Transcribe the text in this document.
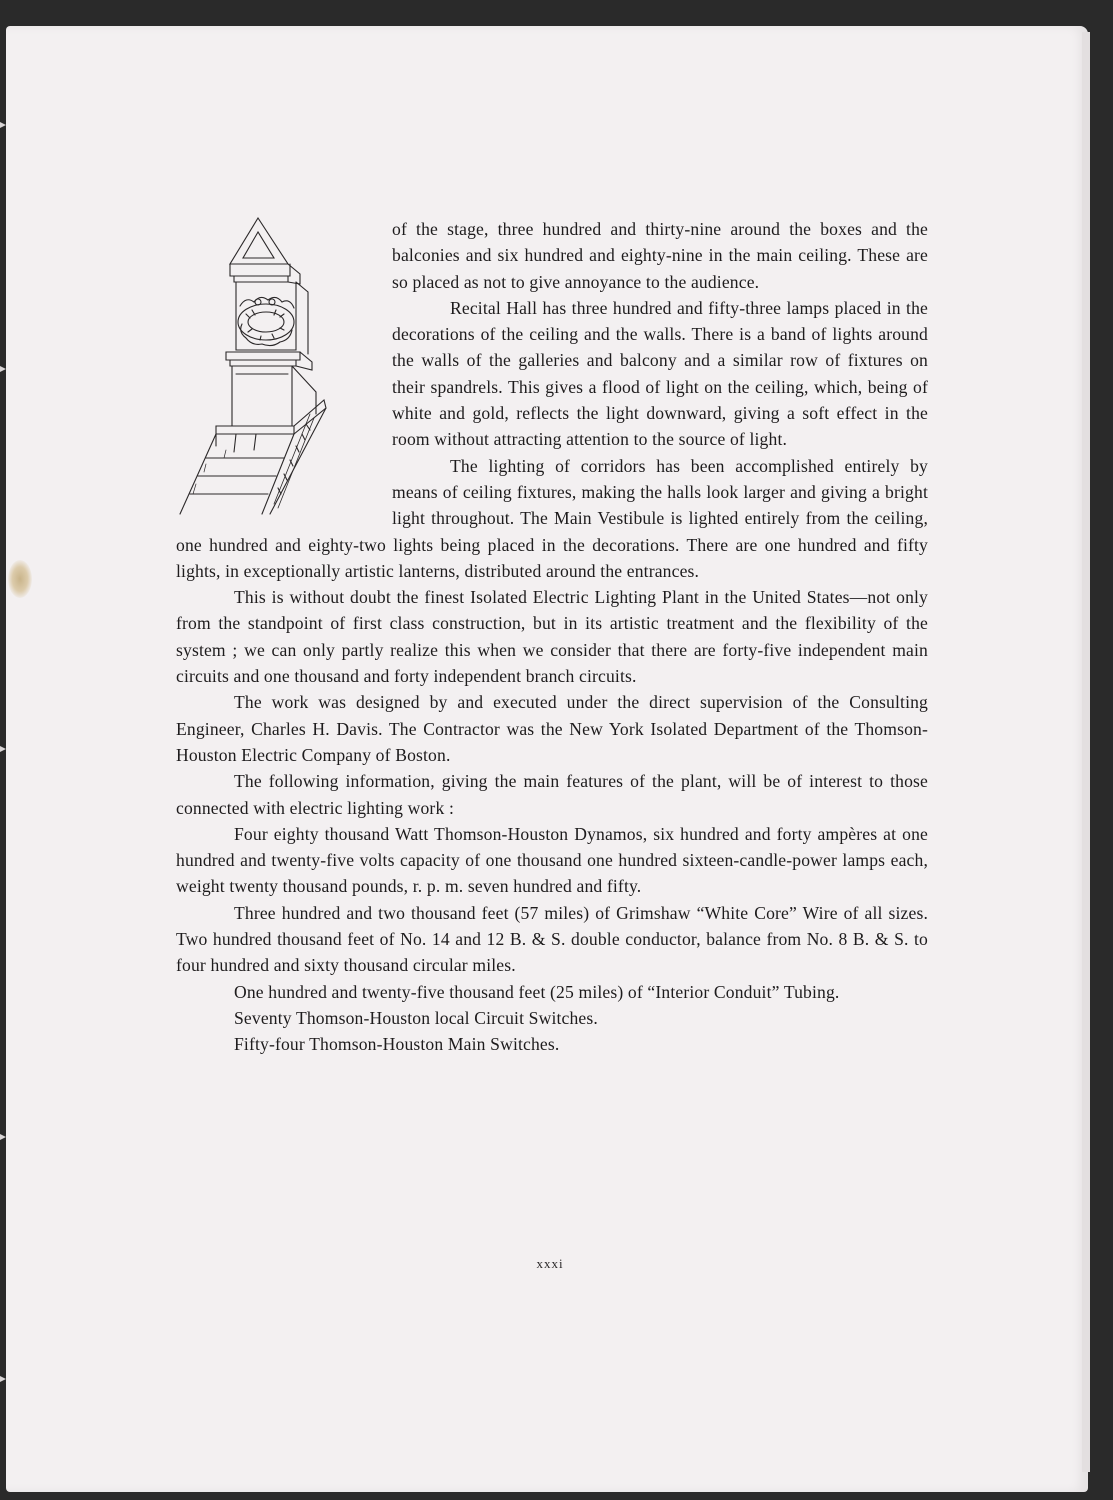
of the stage, three hundred and thirty-nine around the boxes and the balconies and six hundred and eighty-nine in the main ceiling. These are so placed as not to give annoyance to the audience.

Recital Hall has three hundred and fifty-three lamps placed in the decorations of the ceiling and the walls. There is a band of lights around the walls of the galleries and balcony and a similar row of fixtures on their spandrels. This gives a flood of light on the ceiling, which, being of white and gold, reflects the light downward, giving a soft effect in the room without attracting attention to the source of light.

The lighting of corridors has been accomplished entirely by means of ceiling fixtures, making the halls look larger and giving a bright light throughout. The Main Vestibule is lighted entirely from the ceiling, one hundred and eighty-two lights being placed in the decorations. There are one hundred and fifty lights, in exceptionally artistic lanterns, distributed around the entrances.

This is without doubt the finest Isolated Electric Lighting Plant in the United States—not only from the standpoint of first class construction, but in its artistic treatment and the flexibility of the system ; we can only partly realize this when we consider that there are forty-five independent main circuits and one thousand and forty independent branch circuits.

The work was designed by and executed under the direct supervision of the Consulting Engineer, Charles H. Davis. The Contractor was the New York Isolated Department of the Thomson-Houston Electric Company of Boston.

The following information, giving the main features of the plant, will be of interest to those connected with electric lighting work :

Four eighty thousand Watt Thomson-Houston Dynamos, six hundred and forty ampères at one hundred and twenty-five volts capacity of one thousand one hundred sixteen-candle-power lamps each, weight twenty thousand pounds, r. p. m. seven hundred and fifty.

Three hundred and two thousand feet (57 miles) of Grimshaw “White Core” Wire of all sizes. Two hundred thousand feet of No. 14 and 12 B. & S. double conductor, balance from No. 8 B. & S. to four hundred and sixty thousand circular miles.

One hundred and twenty-five thousand feet (25 miles) of “Interior Conduit” Tubing.

Seventy Thomson-Houston local Circuit Switches.

Fifty-four Thomson-Houston Main Switches.

xxxi
